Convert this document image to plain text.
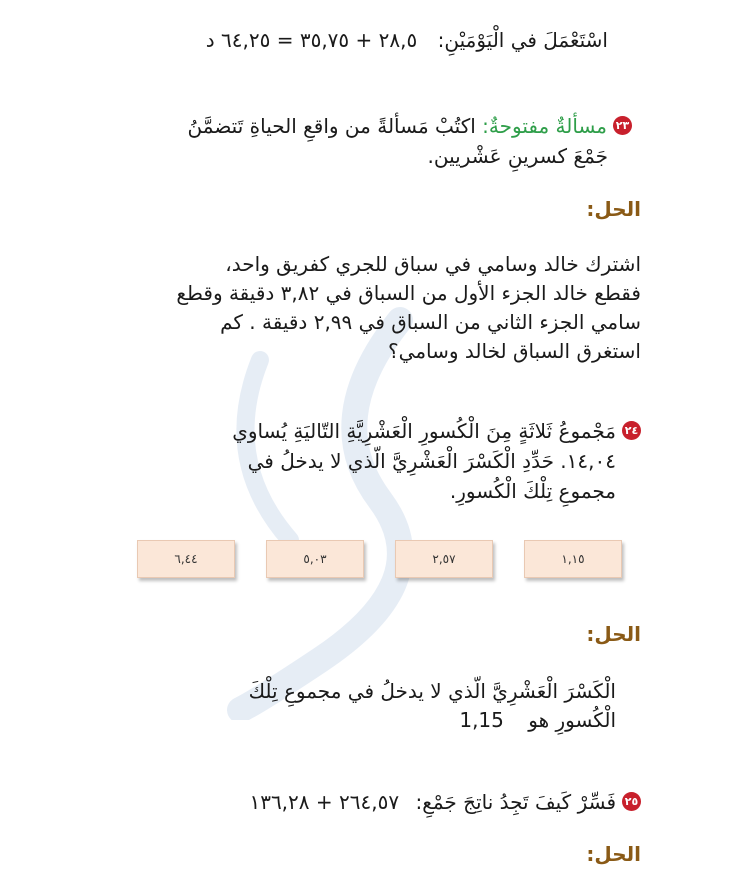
اسْتَعْمَلَ في الْيَوْمَيْنِ: ٢٨,٥ + ٣٥,٧٥ = ٦٤,٢٥ د
٢٣مسألةٌ مفتوحةٌ: اكتُبْ مَسألةً من واقعِ الحياةِ تَتضمَّنُ
جَمْعَ كسرينِ عَشْريين.
الحل:
اشترك خالد وسامي في سباق للجري كفريق واحد،
فقطع خالد الجزء الأول من السباق في ٣,٨٢ دقيقة وقطع
سامي الجزء الثاني من السباق في ٢,٩٩ دقيقة . كم
استغرق السباق لخالد وسامي؟
٢٤مَجْموعُ ثَلاثَةٍ مِنَ الْكُسورِ الْعَشْرِيَّةِ التّاليَةِ يُساوي
١٤,٠٤. حَدِّدِ الْكَسْرَ الْعَشْرِيَّ الّذي لا يدخلُ في
مجموعِ تِلْكَ الْكُسورِ.
١,١٥
٢,٥٧
٥,٠٣
٦,٤٤
الحل:
الْكَسْرَ الْعَشْرِيَّ الّذي لا يدخلُ في مجموعِ تِلْكَ
الْكُسورِ هو 1,15
٢٥فَسِّرْ كَيفَ تَجِدُ ناتِجَ جَمْعِ: ٢٦٤,٥٧ + ١٣٦,٢٨
الحل:
